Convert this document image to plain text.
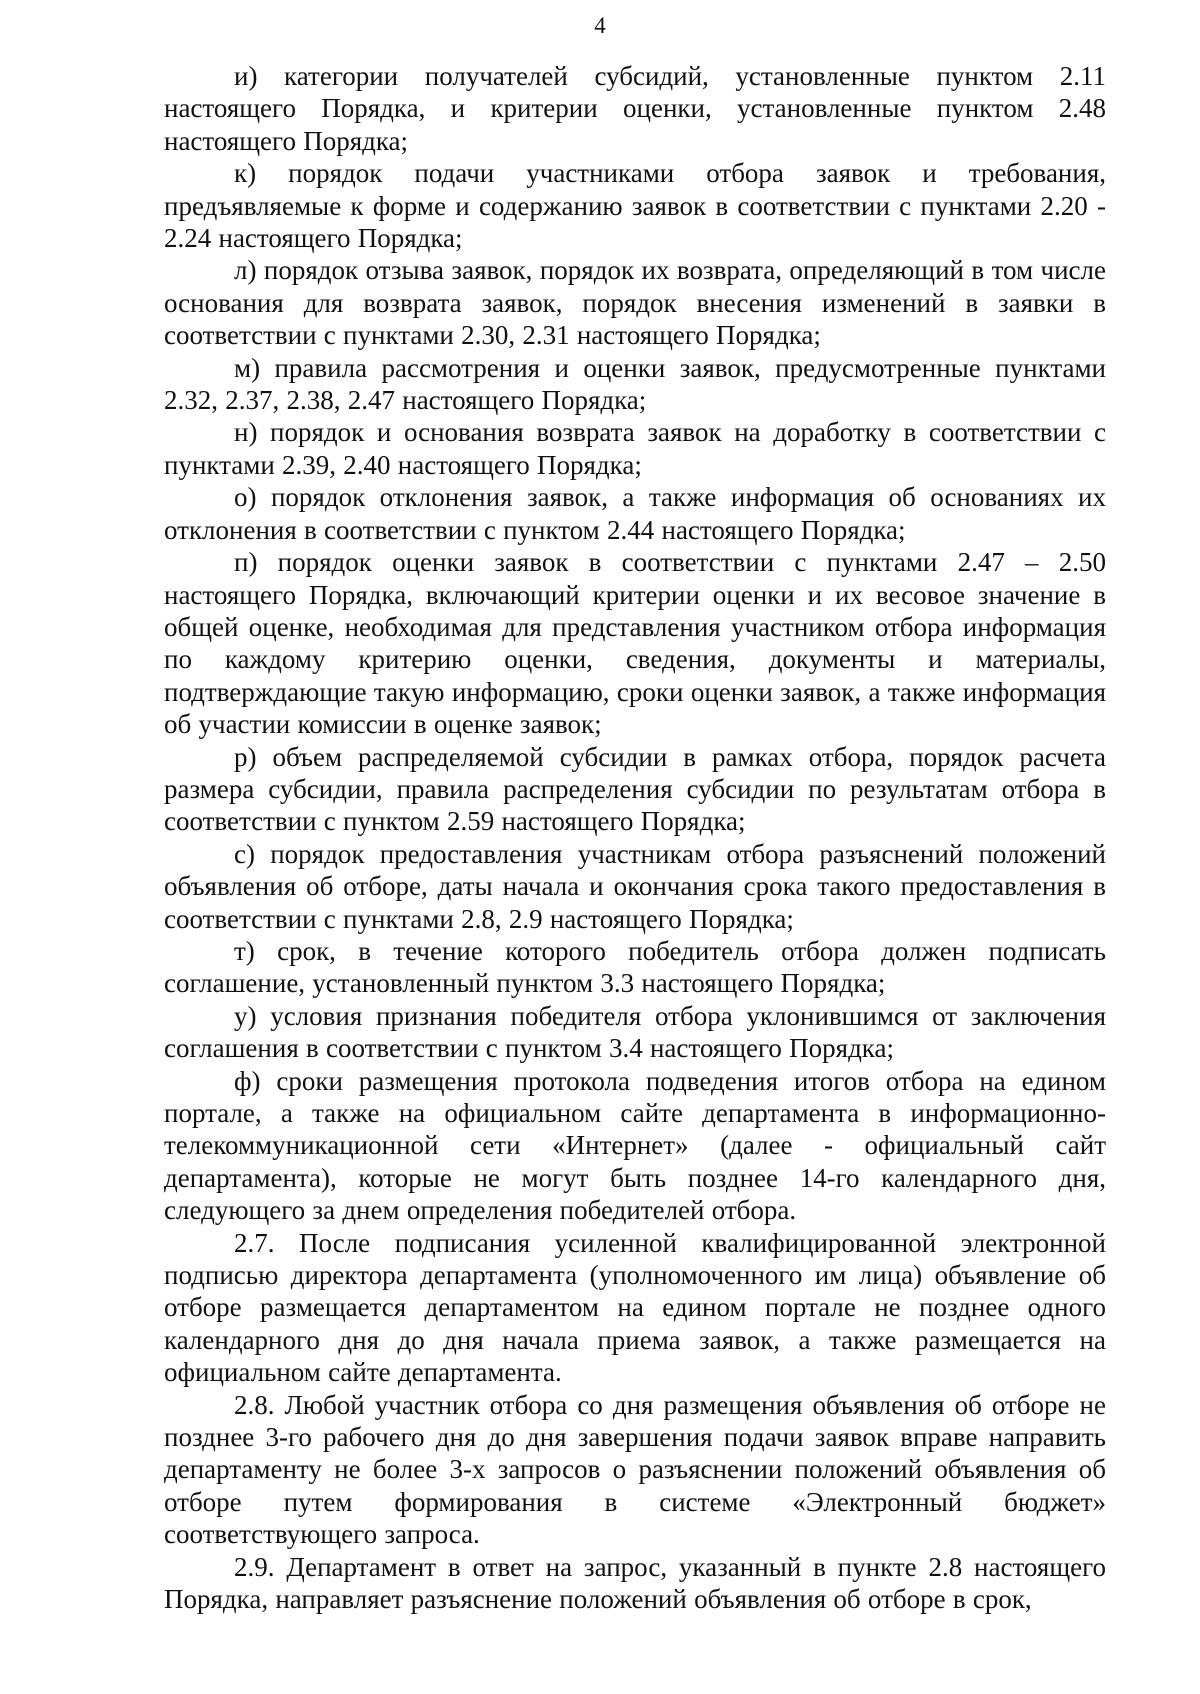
4

и) категории получателей субсидий, установленные пунктом 2.11 настоящего Порядка, и критерии оценки, установленные пунктом 2.48 настоящего Порядка;

к) порядок подачи участниками отбора заявок и требования, предъявляемые к форме и содержанию заявок в соответствии с пунктами 2.20 - 2.24 настоящего Порядка;

л) порядок отзыва заявок, порядок их возврата, определяющий в том числе основания для возврата заявок, порядок внесения изменений в заявки в соответствии с пунктами 2.30, 2.31 настоящего Порядка;

м) правила рассмотрения и оценки заявок, предусмотренные пунктами 2.32, 2.37, 2.38, 2.47 настоящего Порядка;

н) порядок и основания возврата заявок на доработку в соответствии с пунктами 2.39, 2.40 настоящего Порядка;

о) порядок отклонения заявок, а также информация об основаниях их отклонения в соответствии с пунктом 2.44 настоящего Порядка;

п) порядок оценки заявок в соответствии с пунктами 2.47 – 2.50 настоящего Порядка, включающий критерии оценки и их весовое значение в общей оценке, необходимая для представления участником отбора информация по каждому критерию оценки, сведения, документы и материалы, подтверждающие такую информацию, сроки оценки заявок, а также информация об участии комиссии в оценке заявок;

р) объем распределяемой субсидии в рамках отбора, порядок расчета размера субсидии, правила распределения субсидии по результатам отбора в соответствии с пунктом 2.59 настоящего Порядка;

с) порядок предоставления участникам отбора разъяснений положений объявления об отборе, даты начала и окончания срока такого предоставления в соответствии с пунктами 2.8, 2.9 настоящего Порядка;

т) срок, в течение которого победитель отбора должен подписать соглашение, установленный пунктом 3.3 настоящего Порядка;

у) условия признания победителя отбора уклонившимся от заключения соглашения в соответствии с пунктом 3.4 настоящего Порядка;

ф) сроки размещения протокола подведения итогов отбора на едином портале, а также на официальном сайте департамента в информационно-телекоммуникационной сети «Интернет» (далее - официальный сайт департамента), которые не могут быть позднее 14-го календарного дня, следующего за днем определения победителей отбора.

2.7. После подписания усиленной квалифицированной электронной подписью директора департамента (уполномоченного им лица) объявление об отборе размещается департаментом на едином портале не позднее одного календарного дня до дня начала приема заявок, а также размещается на официальном сайте департамента.

2.8. Любой участник отбора со дня размещения объявления об отборе не позднее 3-го рабочего дня до дня завершения подачи заявок вправе направить департаменту не более 3-х запросов о разъяснении положений объявления об отборе путем формирования в системе «Электронный бюджет» соответствующего запроса.

2.9. Департамент в ответ на запрос, указанный в пункте 2.8 настоящего Порядка, направляет разъяснение положений объявления об отборе в срок,
